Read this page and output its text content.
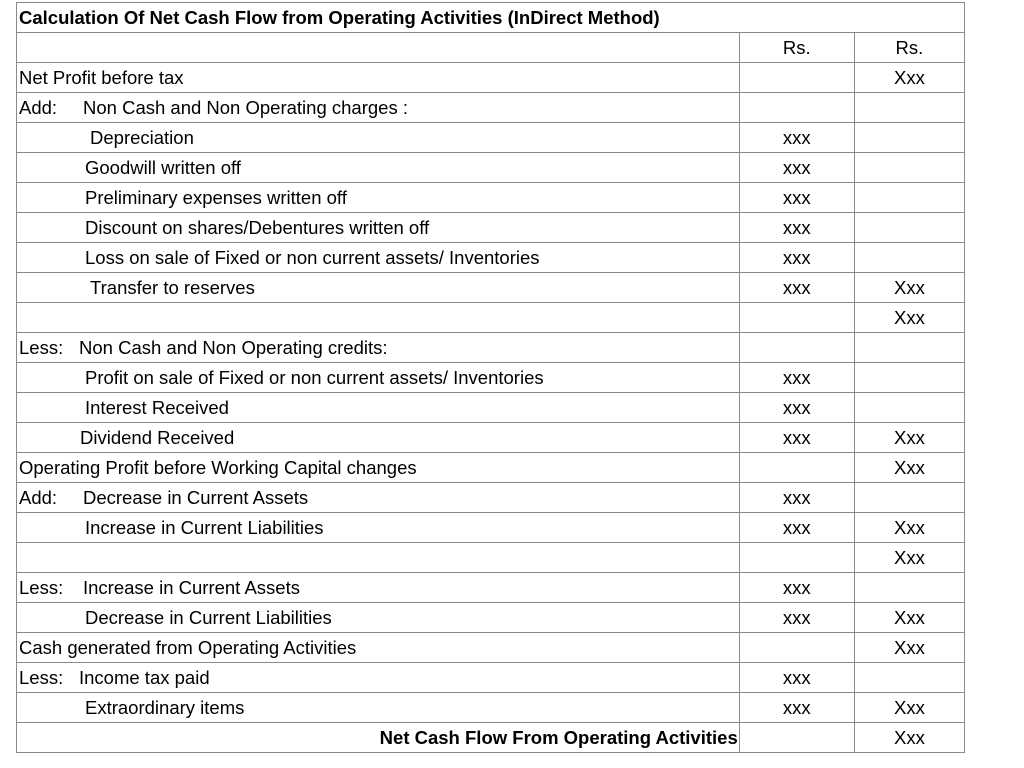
Calculation Of Net Cash Flow from Operating Activities (InDirect Method)		
	Rs.	Rs.
Net Profit before tax		Xxx
Add: Non Cash and Non Operating charges :		
Depreciation	xxx	
Goodwill written off	xxx	
Preliminary expenses written off	xxx	
Discount on shares/Debentures written off	xxx	
Loss on sale of Fixed or non current assets/ Inventories	xxx	
Transfer to reserves	xxx	Xxx
		Xxx
Less: Non Cash and Non Operating credits:		
Profit on sale of Fixed or non current assets/ Inventories	xxx	
Interest Received	xxx	
Dividend Received	xxx	Xxx
Operating Profit before Working Capital changes		Xxx
Add: Decrease in Current Assets	xxx	
Increase in Current Liabilities	xxx	Xxx
		Xxx
Less: Increase in Current Assets	xxx	
Decrease in Current Liabilities	xxx	Xxx
Cash generated from Operating Activities		Xxx
Less: Income tax paid	xxx	
Extraordinary items	xxx	Xxx
Net Cash Flow From Operating Activities		Xxx
